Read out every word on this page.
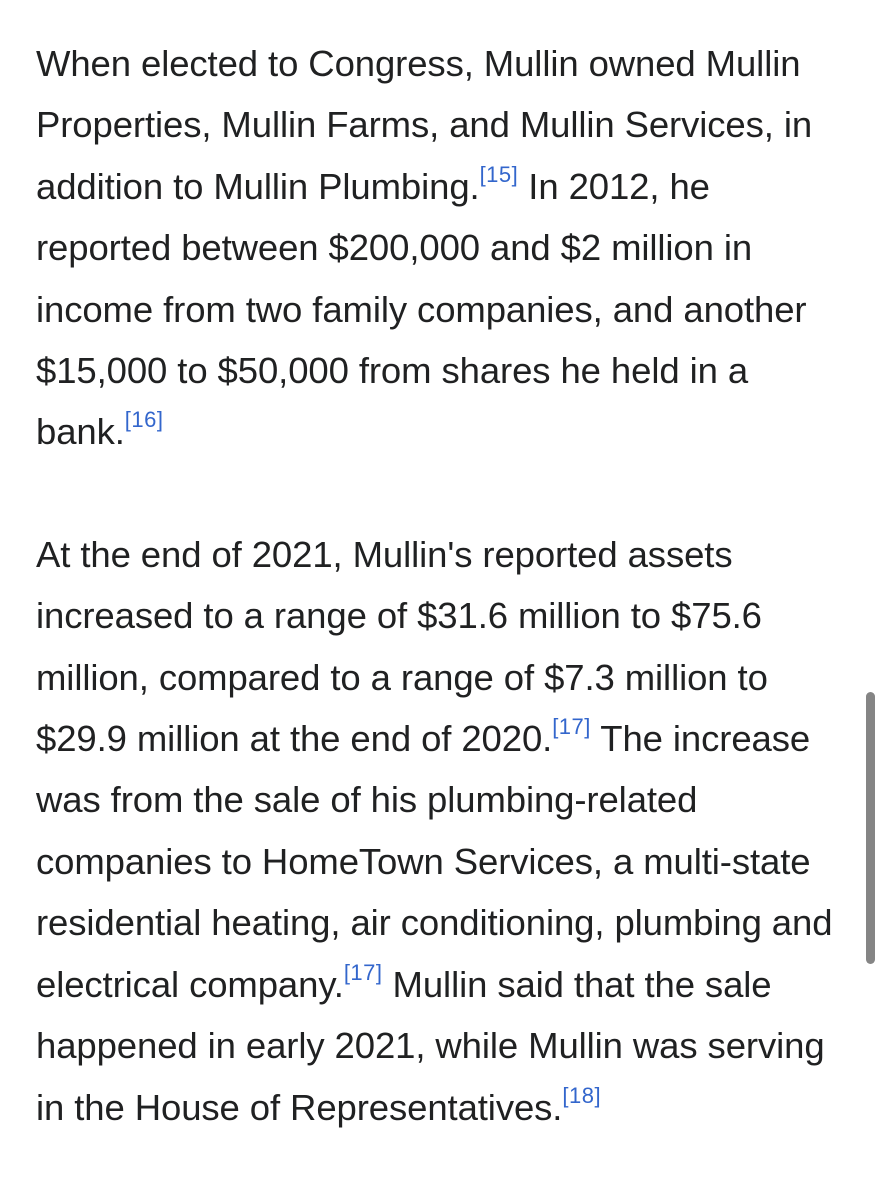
When elected to Congress, Mullin owned Mullin Properties, Mullin Farms, and Mullin Services, in addition to Mullin Plumbing.[15] In 2012, he reported between $200,000 and $2 million in income from two family companies, and another $15,000 to $50,000 from shares he held in a bank.[16]

At the end of 2021, Mullin's reported assets increased to a range of $31.6 million to $75.6 million, compared to a range of $7.3 million to $29.9 million at the end of 2020.[17] The increase was from the sale of his plumbing-related companies to HomeTown Services, a multi-state residential heating, air conditioning, plumbing and electrical company.[17] Mullin said that the sale happened in early 2021, while Mullin was serving in the House of Representatives.[18]
